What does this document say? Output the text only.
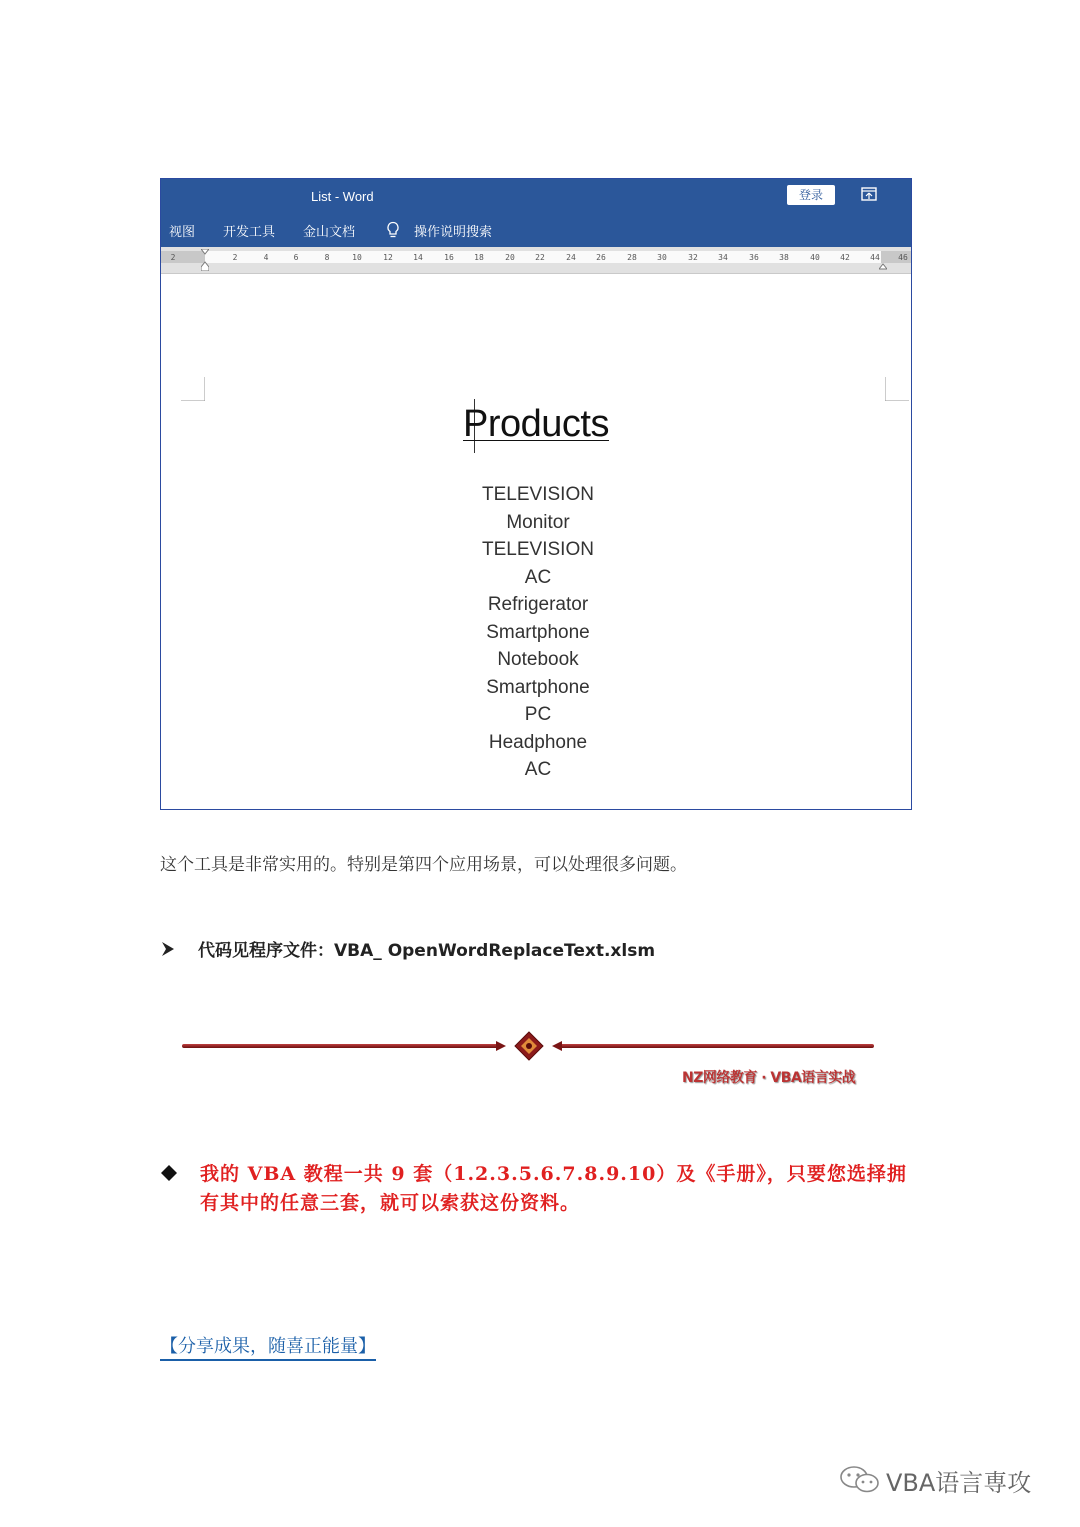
List - Word	登录
视图 开发工具 金山文档	操作说明搜索
2	2	4	6	8	10	12	14	16	18	20	22	24	26	28	30	32	34	36	38	40	42	44 46
Products
TELEVISION
Monitor
TELEVISION
AC
Refrigerator
Smartphone
Notebook
Smartphone
PC
Headphone
AC
这个工具是非常实用的。特别是第四个应用场景，可以处理很多问题。
代码见程序文件：VBA_ OpenWordReplaceText.xlsm
NZ网络教育 · VBA语言实战
我的 VBA 教程一共 9 套（1.2.3.5.6.7.8.9.10）及《手册》，只要您选择拥有其中的任意三套，就可以索获这份资料。
【分享成果，随喜正能量】
VBA语言専攻
